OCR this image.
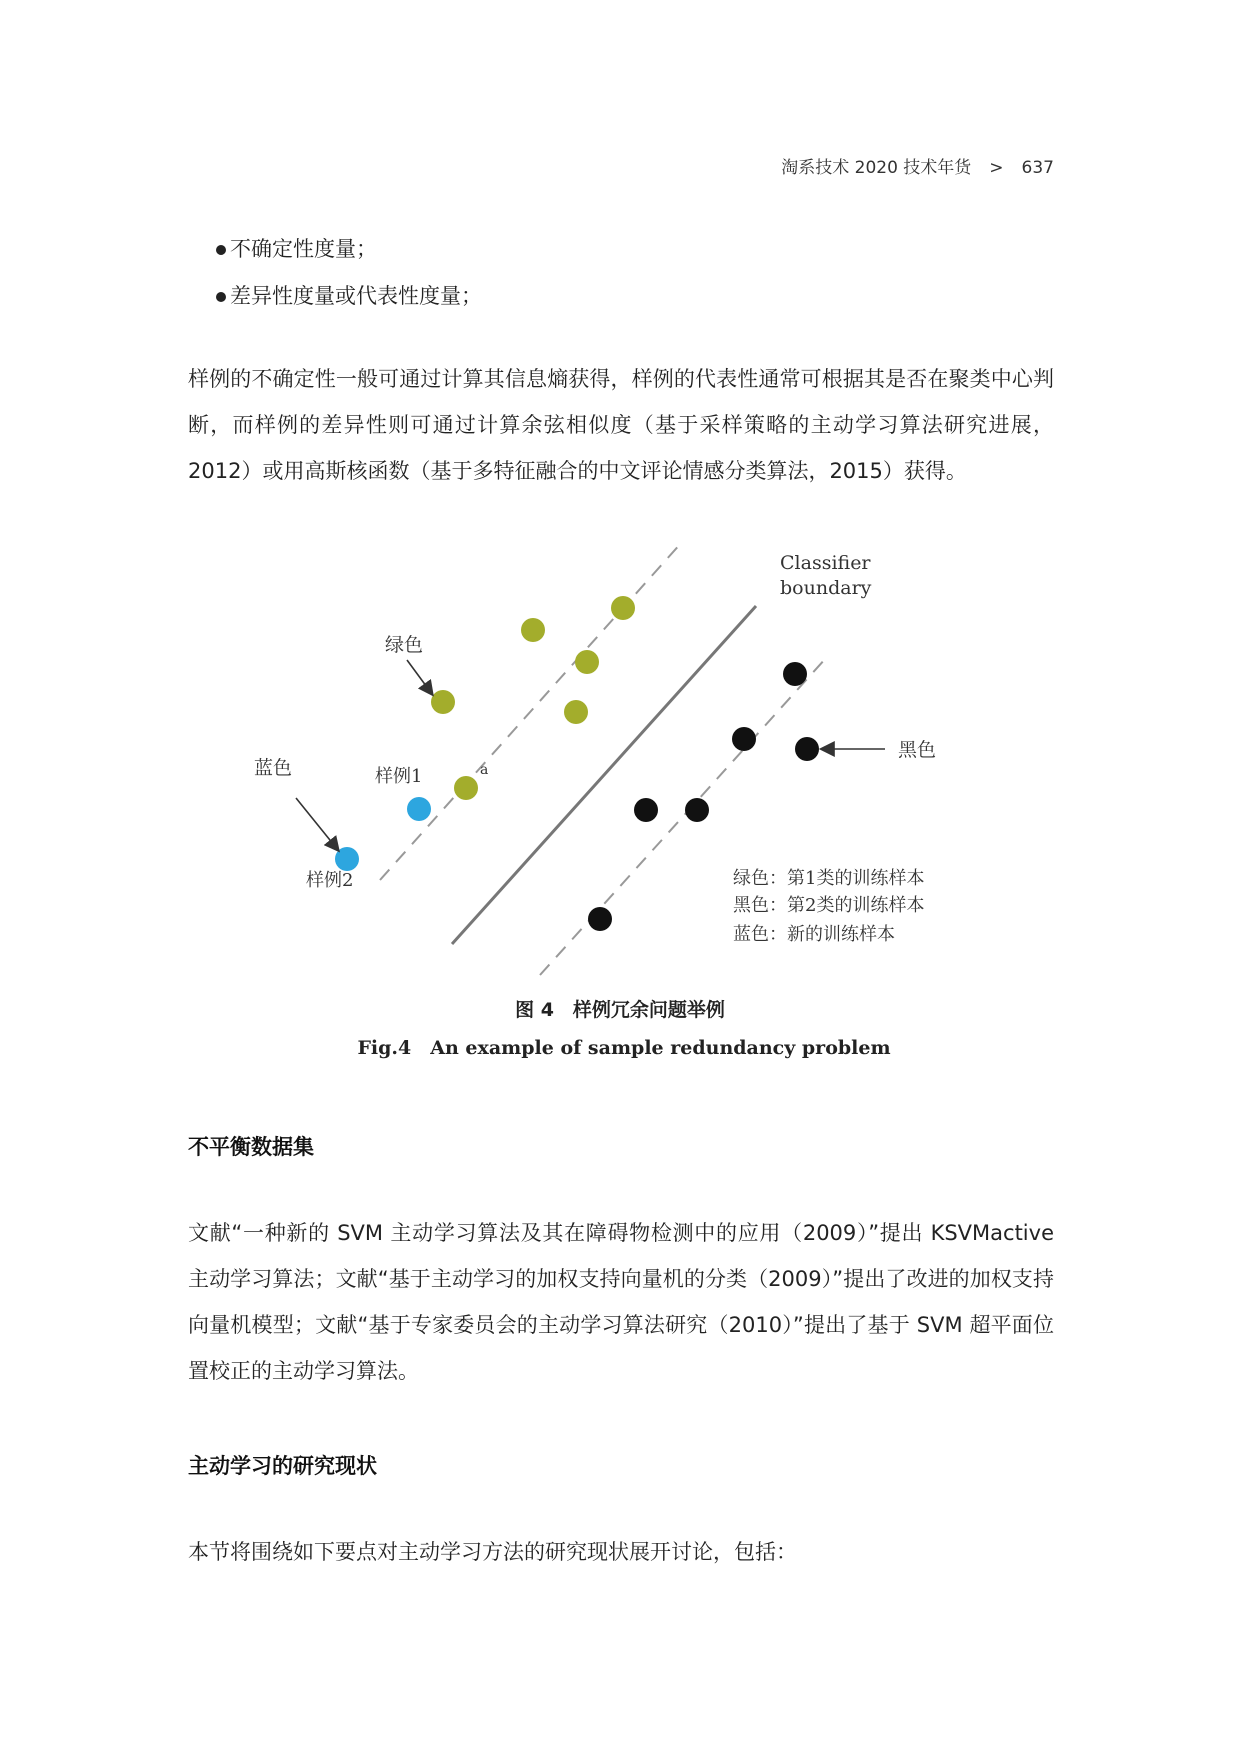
淘系技术 2020 技术年货 > 637
不确定性度量；
差异性度量或代表性度量；
样例的不确定性一般可通过计算其信息熵获得，样例的代表性通常可根据其是否在聚类中心判断，而样例的差异性则可通过计算余弦相似度（基于采样策略的主动学习算法研究进展，2012）或用高斯核函数（基于多特征融合的中文评论情感分类算法，2015）获得。
Classifier
boundary
绿色
蓝色
黑色
样例1	a
样例2	绿色：第1类的训练样本
黑色：第2类的训练样本
蓝色：新的训练样本
图 4　样例冗余问题举例
Fig.4　An example of sample redundancy problem
不平衡数据集
文献“一种新的 SVM 主动学习算法及其在障碍物检测中的应用（2009）”提出 KSVMactive 主动学习算法；文献“基于主动学习的加权支持向量机的分类（2009）”提出了改进的加权支持向量机模型；文献“基于专家委员会的主动学习算法研究（2010）”提出了基于 SVM 超平面位置校正的主动学习算法。
主动学习的研究现状
本节将围绕如下要点对主动学习方法的研究现状展开讨论，包括：
